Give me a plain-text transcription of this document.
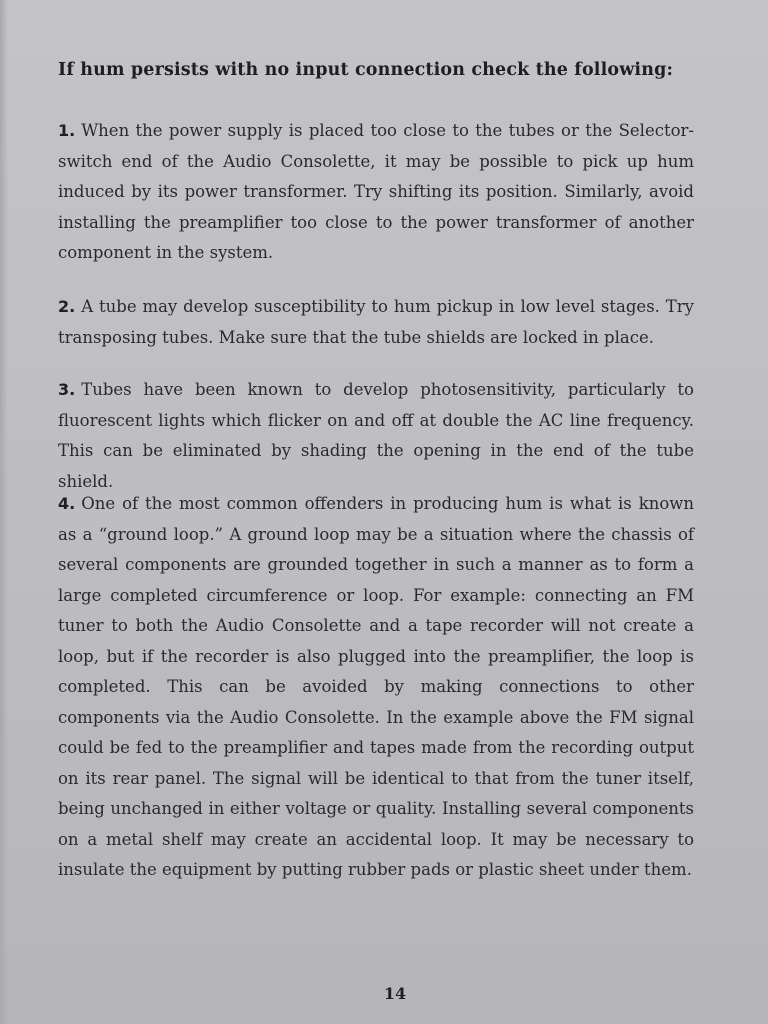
If hum persists with no input connection check the following:

1. When the power supply is placed too close to the tubes or the Selector-switch end of the Audio Consolette, it may be possible to pick up hum induced by its power transformer. Try shifting its position. Similarly, avoid installing the preamplifier too close to the power transformer of another component in the system.

2. A tube may develop susceptibility to hum pickup in low level stages. Try transposing tubes. Make sure that the tube shields are locked in place.

3. Tubes have been known to develop photosensitivity, particularly to fluorescent lights which flicker on and off at double the AC line frequency. This can be eliminated by shading the opening in the end of the tube shield.

4. One of the most common offenders in producing hum is what is known as a “ground loop.” A ground loop may be a situation where the chassis of several components are grounded together in such a manner as to form a large completed circumference or loop. For example: connecting an FM tuner to both the Audio Consolette and a tape recorder will not create a loop, but if the recorder is also plugged into the preamplifier, the loop is completed. This can be avoided by making connections to other components via the Audio Consolette. In the example above the FM signal could be fed to the preamplifier and tapes made from the recording output on its rear panel. The signal will be identical to that from the tuner itself, being unchanged in either voltage or quality. Installing several components on a metal shelf may create an accidental loop. It may be necessary to insulate the equipment by putting rubber pads or plastic sheet under them.

14
